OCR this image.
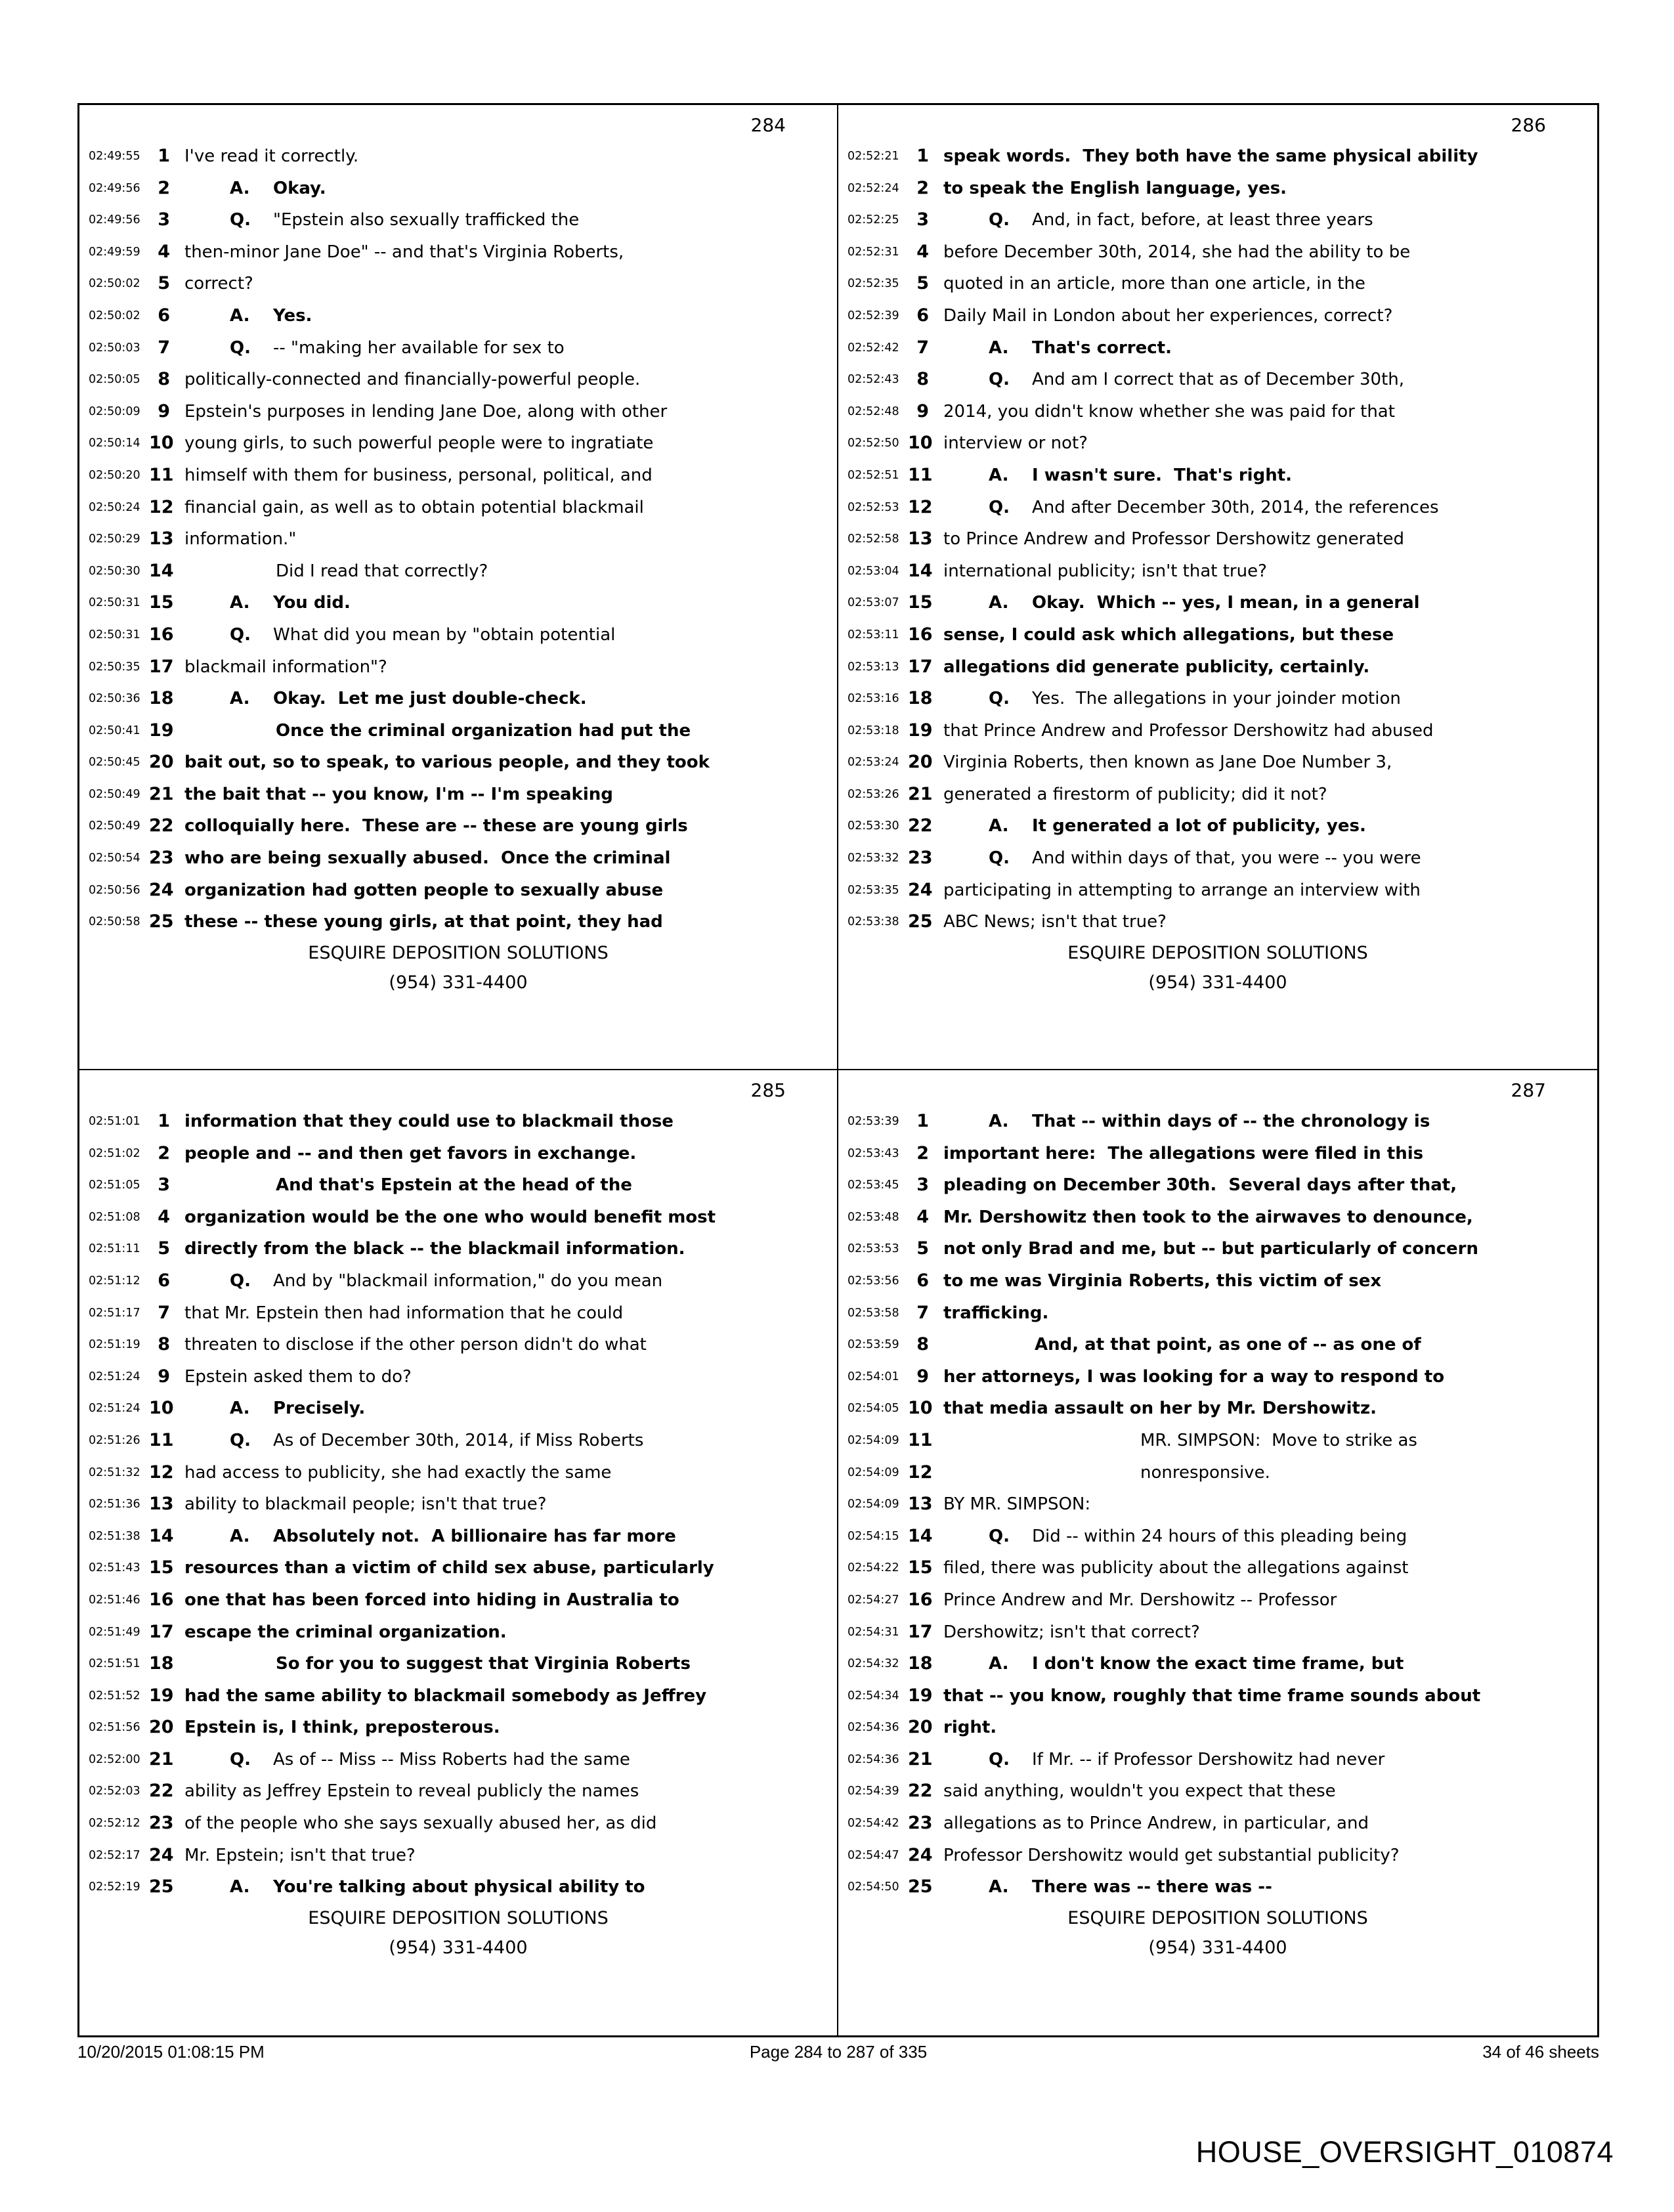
284
02:49:55 1 I've read it correctly.
02:49:56 2	A. Okay.
02:49:56 3	Q. "Epstein also sexually trafficked the
02:49:59 4 then-minor Jane Doe" -- and that's Virginia Roberts,
02:50:02 5 correct?
02:50:02 6	A. Yes.
02:50:03 7	Q. -- "making her available for sex to
02:50:05 8 politically-connected and financially-powerful people.
02:50:09 9 Epstein's purposes in lending Jane Doe, along with other
02:50:14 10 young girls, to such powerful people were to ingratiate
02:50:20 11 himself with them for business, personal, political, and
02:50:24 12 financial gain, as well as to obtain potential blackmail
02:50:29 13 information."
02:50:30 14	Did I read that correctly?
02:50:31 15	A. You did.
02:50:31 16	Q. What did you mean by "obtain potential
02:50:35 17 blackmail information"?
02:50:36 18	A. Okay.  Let me just double-check.
02:50:41 19	Once the criminal organization had put the
02:50:45 20 bait out, so to speak, to various people, and they took
02:50:49 21 the bait that -- you know, I'm -- I'm speaking
02:50:49 22 colloquially here.  These are -- these are young girls
02:50:54 23 who are being sexually abused.  Once the criminal
02:50:56 24 organization had gotten people to sexually abuse
02:50:58 25 these -- these young girls, at that point, they had
ESQUIRE DEPOSITION SOLUTIONS
(954) 331-4400
286
02:52:21 1 speak words.  They both have the same physical ability
02:52:24 2 to speak the English language, yes.
02:52:25 3	Q. And, in fact, before, at least three years
02:52:31 4 before December 30th, 2014, she had the ability to be
02:52:35 5 quoted in an article, more than one article, in the
02:52:39 6 Daily Mail in London about her experiences, correct?
02:52:42 7	A. That's correct.
02:52:43 8	Q. And am I correct that as of December 30th,
02:52:48 9 2014, you didn't know whether she was paid for that
02:52:50 10 interview or not?
02:52:51 11	A. I wasn't sure.  That's right.
02:52:53 12	Q. And after December 30th, 2014, the references
02:52:58 13 to Prince Andrew and Professor Dershowitz generated
02:53:04 14 international publicity; isn't that true?
02:53:07 15	A. Okay.  Which -- yes, I mean, in a general
02:53:11 16 sense, I could ask which allegations, but these
02:53:13 17 allegations did generate publicity, certainly.
02:53:16 18	Q. Yes.  The allegations in your joinder motion
02:53:18 19 that Prince Andrew and Professor Dershowitz had abused
02:53:24 20 Virginia Roberts, then known as Jane Doe Number 3,
02:53:26 21 generated a firestorm of publicity; did it not?
02:53:30 22	A. It generated a lot of publicity, yes.
02:53:32 23	Q. And within days of that, you were -- you were
02:53:35 24 participating in attempting to arrange an interview with
02:53:38 25 ABC News; isn't that true?
ESQUIRE DEPOSITION SOLUTIONS
(954) 331-4400
285
02:51:01 1 information that they could use to blackmail those
02:51:02 2 people and -- and then get favors in exchange.
02:51:05 3	And that's Epstein at the head of the
02:51:08 4 organization would be the one who would benefit most
02:51:11 5 directly from the black -- the blackmail information.
02:51:12 6	Q. And by "blackmail information," do you mean
02:51:17 7 that Mr. Epstein then had information that he could
02:51:19 8 threaten to disclose if the other person didn't do what
02:51:24 9 Epstein asked them to do?
02:51:24 10	A. Precisely.
02:51:26 11	Q. As of December 30th, 2014, if Miss Roberts
02:51:32 12 had access to publicity, she had exactly the same
02:51:36 13 ability to blackmail people; isn't that true?
02:51:38 14	A. Absolutely not.  A billionaire has far more
02:51:43 15 resources than a victim of child sex abuse, particularly
02:51:46 16 one that has been forced into hiding in Australia to
02:51:49 17 escape the criminal organization.
02:51:51 18	So for you to suggest that Virginia Roberts
02:51:52 19 had the same ability to blackmail somebody as Jeffrey
02:51:56 20 Epstein is, I think, preposterous.
02:52:00 21	Q. As of -- Miss -- Miss Roberts had the same
02:52:03 22 ability as Jeffrey Epstein to reveal publicly the names
02:52:12 23 of the people who she says sexually abused her, as did
02:52:17 24 Mr. Epstein; isn't that true?
02:52:19 25	A. You're talking about physical ability to
ESQUIRE DEPOSITION SOLUTIONS
(954) 331-4400
287
02:53:39 1	A. That -- within days of -- the chronology is
02:53:43 2 important here:  The allegations were filed in this
02:53:45 3 pleading on December 30th.  Several days after that,
02:53:48 4 Mr. Dershowitz then took to the airwaves to denounce,
02:53:53 5 not only Brad and me, but -- but particularly of concern
02:53:56 6 to me was Virginia Roberts, this victim of sex
02:53:58 7 trafficking.
02:53:59 8	And, at that point, as one of -- as one of
02:54:01 9 her attorneys, I was looking for a way to respond to
02:54:05 10 that media assault on her by Mr. Dershowitz.
02:54:09 11	MR. SIMPSON:  Move to strike as
02:54:09 12	nonresponsive.
02:54:09 13 BY MR. SIMPSON:
02:54:15 14	Q. Did -- within 24 hours of this pleading being
02:54:22 15 filed, there was publicity about the allegations against
02:54:27 16 Prince Andrew and Mr. Dershowitz -- Professor
02:54:31 17 Dershowitz; isn't that correct?
02:54:32 18	A. I don't know the exact time frame, but
02:54:34 19 that -- you know, roughly that time frame sounds about
02:54:36 20 right.
02:54:36 21	Q. If Mr. -- if Professor Dershowitz had never
02:54:39 22 said anything, wouldn't you expect that these
02:54:42 23 allegations as to Prince Andrew, in particular, and
02:54:47 24 Professor Dershowitz would get substantial publicity?
02:54:50 25	A. There was -- there was --
ESQUIRE DEPOSITION SOLUTIONS
(954) 331-4400
10/20/2015 01:08:15 PM	Page 284 to 287 of 335	34 of 46 sheets
HOUSE_OVERSIGHT_010874
